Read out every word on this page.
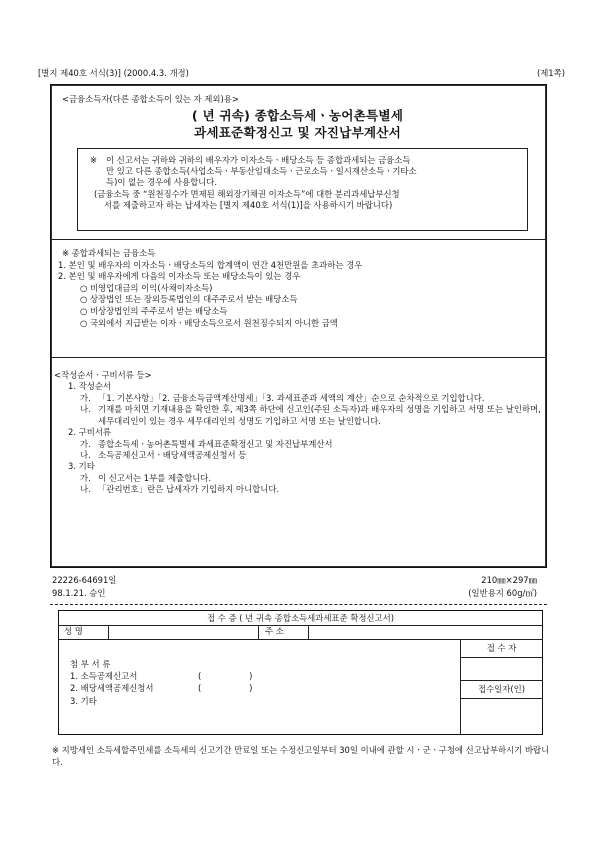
[별지 제40호 서식(3)] (2000.4.3. 개정)	(제1쪽)
<금융소득자(다른 종합소득이 있는 자 제외)용>
( 년 귀속) 종합소득세ㆍ농어촌특별세
과세표준확정신고 및 자진납부계산서
※	이 신고서는 귀하와 귀하의 배우자가 이자소득ㆍ배당소득 등 종합과세되는 금융소득
만 있고 다른 종합소득(사업소득ㆍ부동산임대소득ㆍ근로소득ㆍ일시재산소득ㆍ기타소
득)이 없는 경우에 사용합니다.
(금융소득 중 “원천징수가 면제된 해외장기채권 이자소득”에 대한 분리과세납부신청
서를 제출하고자 하는 납세자는 [별지 제40호 서식(1)]을 사용하시기 바랍니다)
※ 종합과세되는 금융소득
1. 본인 및 배우자의 이자소득ㆍ배당소득의 합계액이 연간 4천만원을 초과하는 경우
2. 본인 및 배우자에게 다음의 이자소득 또는 배당소득이 있는 경우
○ 비영업대금의 이익(사채이자소득)
○ 상장법인 또는 장외등록법인의 대주주로서 받는 배당소득
○ 비상장법인의 주주로서 받는 배당소득
○ 국외에서 지급받는 이자ㆍ배당소득으로서 원천징수되지 아니한 금액
<작성순서ㆍ구비서류 등>
1. 작성순서
가. 「1. 기본사항」「2. 금융소득금액계산명세」「3. 과세표준과 세액의 계산」순으로 순차적으로 기입합니다.
나. 기재를 마치면 기재내용을 확인한 후, 제3쪽 하단에 신고인(주된 소득자)과 배우자의 성명을 기입하고 서명 또는 날인하며, 세무대리인이 있는 경우 세무대리인의 성명도 기입하고 서명 또는 날인합니다.
2. 구비서류
가. 종합소득세ㆍ농어촌특별세 과세표준확정신고 및 자진납부계산서
나. 소득공제신고서ㆍ배당세액공제신청서 등
3. 기타
가. 이 신고서는 1부를 제출합니다.
나. 「관리번호」란은 납세자가 기입하지 아니합니다.
22226-64691일
98.1.21. 승인
210㎜×297㎜
(일반용지 60g/㎡)
접 수 증 ( 년 귀속 종합소득세과세표준 확정신고서)
성 명	주 소
접 수 자
접수일자(인)
첨 부 서 류
1. 소득공제신고서	(                  )
2. 배당세액공제신청서	(                  )
3. 기타
※ 지방세인 소득세할주민세를 소득세의 신고기간 만료일 또는 수정신고일부터 30일 이내에 관할 시ㆍ군ㆍ구청에 신고납부하시기 바랍니다.
